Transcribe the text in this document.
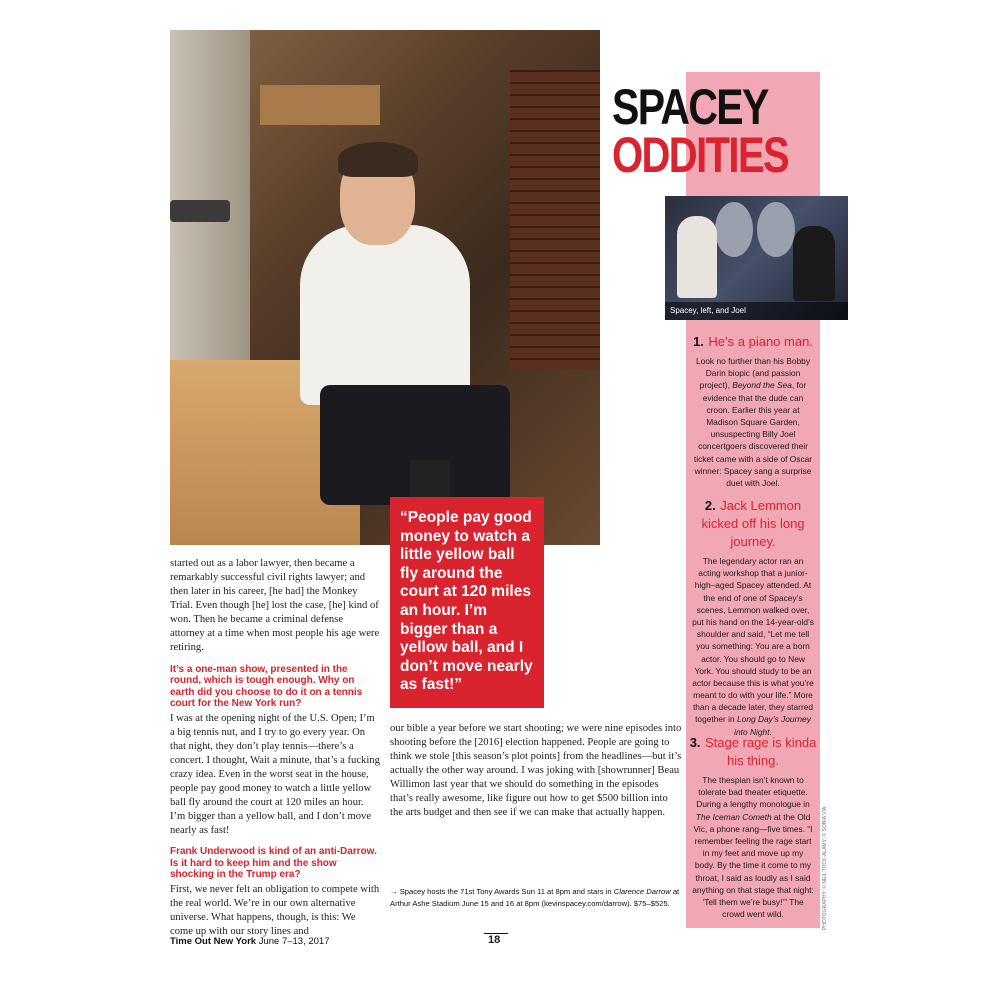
SPACEY
ODDITIES
Spacey, left, and Joel
1. He’s a piano man.
Look no further than his Bobby Darin biopic (and passion project), Beyond the Sea, for evidence that the dude can croon. Earlier this year at Madison Square Garden, unsuspecting Billy Joel concertgoers discovered their ticket came with a side of Oscar winner: Spacey sang a surprise duet with Joel.
2. Jack Lemmon kicked off his long journey.
The legendary actor ran an acting workshop that a junior-high–aged Spacey attended. At the end of one of Spacey’s scenes, Lemmon walked over, put his hand on the 14-year-old’s shoulder and said, “Let me tell you something: You are a born actor. You should go to New York. You should study to be an actor because this is what you’re meant to do with your life.” More than a decade later, they starred together in Long Day’s Journey into Night.
3. Stage rage is kinda his thing.
The thespian isn’t known to tolerate bad theater etiquette. During a lengthy monologue in The Iceman Cometh at the Old Vic, a phone rang—five times. “I remember feeling the rage start in my feet and move up my body. By the time it come to my throat, I said as loudly as I said anything on that stage that night: ‘Tell them we’re busy!’” The crowd went wild.

started out as a labor lawyer, then became a remarkably successful civil rights lawyer; and then later in his career, [he had] the Monkey Trial. Even though [he] lost the case, [he] kind of won. Then he became a criminal defense attorney at a time when most people his age were retiring.

It’s a one-man show, presented in the round, which is tough enough. Why on earth did you choose to do it on a tennis court for the New York run?

I was at the opening night of the U.S. Open; I’m a big tennis nut, and I try to go every year. On that night, they don’t play tennis—there’s a concert. I thought, Wait a minute, that’s a fucking crazy idea. Even in the worst seat in the house, people pay good money to watch a little yellow ball fly around the court at 120 miles an hour. I’m bigger than a yellow ball, and I don’t move nearly as fast!

Frank Underwood is kind of an anti-Darrow. Is it hard to keep him and the show shocking in the Trump era?

First, we never felt an obligation to compete with the real world. We’re in our own alternative universe. What happens, though, is this: We come up with our story lines and

“People pay good money to watch a little yellow ball fly around the court at 120 miles an hour. I’m bigger than a yellow ball, and I don’t move nearly as fast!”

our bible a year before we start shooting; we were nine episodes into shooting before the [2016] election happened. People are going to think we stole [this season’s plot points] from the headlines—but it’s actually the other way around. I was joking with [showrunner] Beau Willimon last year that we should do something in the episodes that’s really awesome, like figure out how to get $500 billion into the arts budget and then see if we can make that actually happen.

→ Spacey hosts the 71st Tony Awards Sun 11 at 8pm and stars in Clarence Darrow at Arthur Ashe Stadium June 15 and 16 at 8pm (kevinspacey.com/darrow). $75–$525.
Time Out New York June 7–13, 2017	18
PHOTOGRAPHY: © NEIL TOCK-ALAMY; © SONIA VIA
